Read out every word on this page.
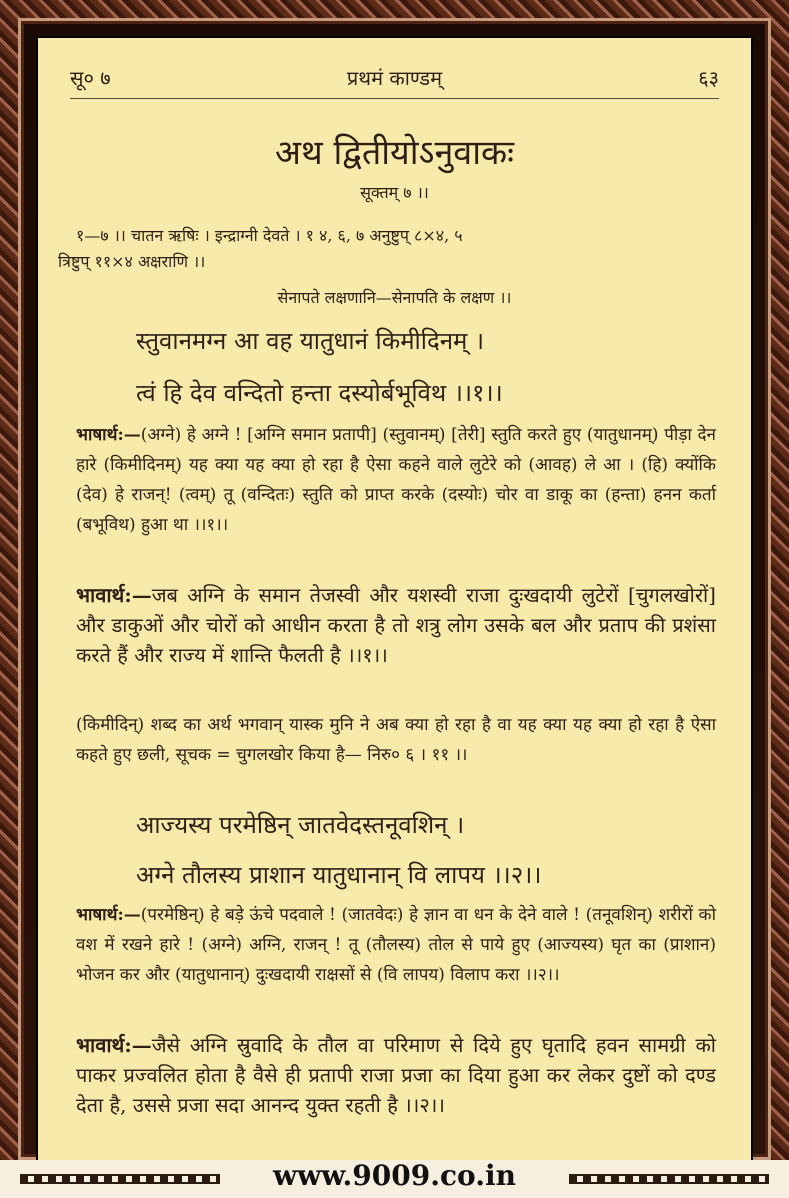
सू० ७	प्रथमं काण्डम्	६३
अथ द्वितीयोऽनुवाकः
सूक्तम् ७ ।।
१—७ ।। चातन ऋषिः । इन्द्राग्नी देवते । १ ४, ६, ७ अनुष्टुप् ८×४, ५
त्रिष्टुप् ११×४ अक्षराणि ।।
सेनापते लक्षणानि—सेनापति के लक्षण ।।
स्तुवानमग्न आ वह यातुधानं किमीदिनम् ।
त्वं हि देव वन्दितो हन्ता दस्योर्बभूविथ ।।१।।
भाषार्थ:—(अग्ने) हे अग्ने ! [अग्नि समान प्रतापी] (स्तुवानम्) [तेरी] स्तुति करते हुए (यातुधानम्) पीड़ा देन हारे (किमीदिनम्) यह क्या यह क्या हो रहा है ऐसा कहने वाले लुटेरे को (आवह) ले आ । (हि) क्योंकि (देव) हे राजन्! (त्वम्) तू (वन्दितः) स्तुति को प्राप्त करके (दस्योः) चोर वा डाकू का (हन्ता) हनन कर्ता (बभूविथ) हुआ था ।।१।।
भावार्थ:—जब अग्नि के समान तेजस्वी और यशस्वी राजा दुःखदायी लुटेरों [चुगलखोरों] और डाकुओं और चोरों को आधीन करता है तो शत्रु लोग उसके बल और प्रताप की प्रशंसा करते हैं और राज्य में शान्ति फैलती है ।।१।।
(किमीदिन्) शब्द का अर्थ भगवान् यास्क मुनि ने अब क्या हो रहा है वा यह क्या यह क्या हो रहा है ऐसा कहते हुए छली, सूचक = चुगलखोर किया है— निरु० ६ । ११ ।।
आज्यस्य परमेष्ठिन् जातवेदस्तनूवशिन् ।
अग्ने तौलस्य प्राशान यातुधानान् वि लापय ।।२।।
भाषार्थ:—(परमेष्ठिन्) हे बड़े ऊंचे पदवाले ! (जातवेदः) हे ज्ञान वा धन के देने वाले ! (तनूवशिन्) शरीरों को वश में रखने हारे ! (अग्ने) अग्नि, राजन् ! तू (तौलस्य) तोल से पाये हुए (आज्यस्य) घृत का (प्राशान) भोजन कर और (यातुधानान्) दुःखदायी राक्षसों से (वि लापय) विलाप करा ।।२।।
भावार्थ:—जैसे अग्नि स्रुवादि के तौल वा परिमाण से दिये हुए घृतादि हवन सामग्री को पाकर प्रज्वलित होता है वैसे ही प्रतापी राजा प्रजा का दिया हुआ कर लेकर दुष्टों को दण्ड देता है, उससे प्रजा सदा आनन्द युक्त रहती है ।।२।।
www.9009.co.in
